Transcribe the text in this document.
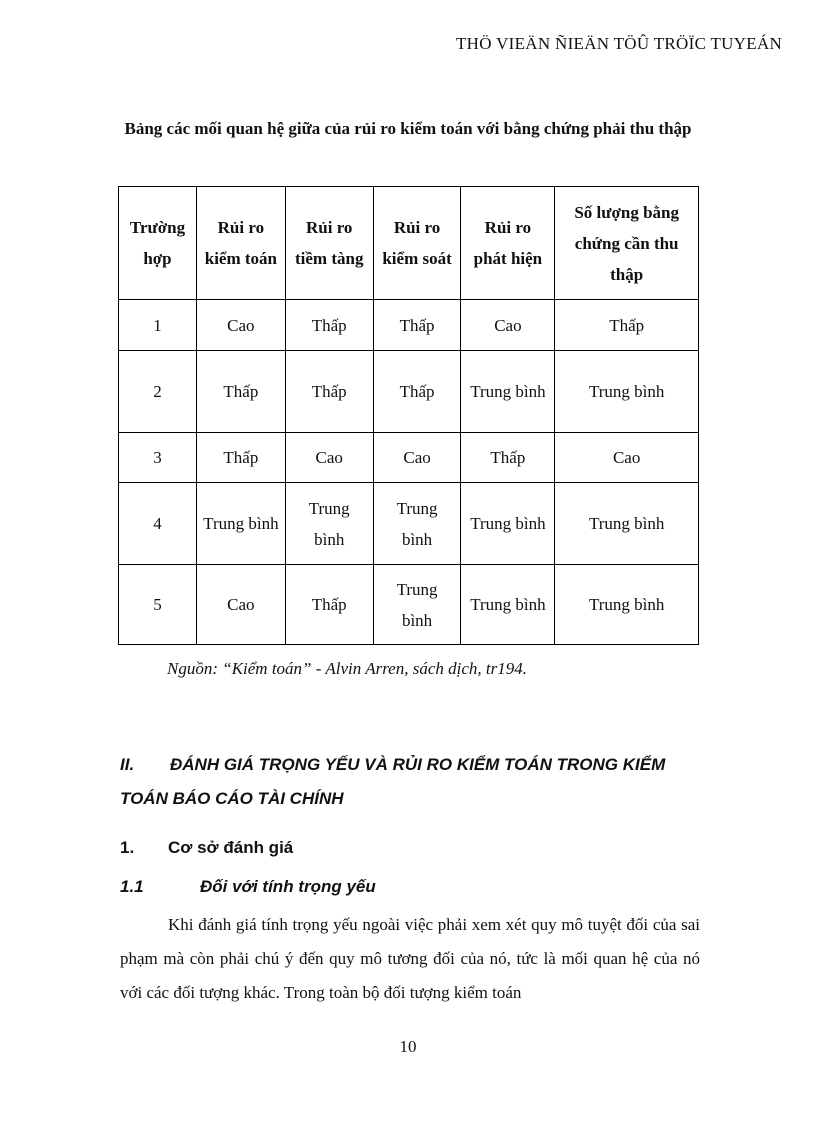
THÖ VIEÄN ÑIEÄN TÖÛ TRÖÏC TUYEÁN
Bảng các mối quan hệ giữa của rủi ro kiểm toán với bằng chứng phải thu thập
Trường hợp	Rủi ro kiểm toán	Rủi ro tiềm tàng	Rủi ro kiểm soát	Rủi ro phát hiện	Số lượng bằng chứng cần thu thập
1	Cao	Thấp	Thấp	Cao	Thấp
2	Thấp	Thấp	Thấp	Trung bình	Trung bình
3	Thấp	Cao	Cao	Thấp	Cao
4	Trung bình	Trung bình	Trung bình	Trung bình	Trung bình
5	Cao	Thấp	Trung bình	Trung bình	Trung bình
Nguồn: “Kiểm toán” - Alvin Arren, sách dịch, tr194.
II. ĐÁNH GIÁ TRỌNG YẾU VÀ RỦI RO KIỂM TOÁN TRONG KIỂM TOÁN BÁO CÁO TÀI CHÍNH
1. Cơ sở đánh giá
1.1	Đối với tính trọng yếu
Khi đánh giá tính trọng yếu ngoài việc phải xem xét quy mô tuyệt đối của sai phạm mà còn phải chú ý đến quy mô tương đối của nó, tức là mối quan hệ của nó với các đối tượng khác. Trong toàn bộ đối tượng kiểm toán
10
